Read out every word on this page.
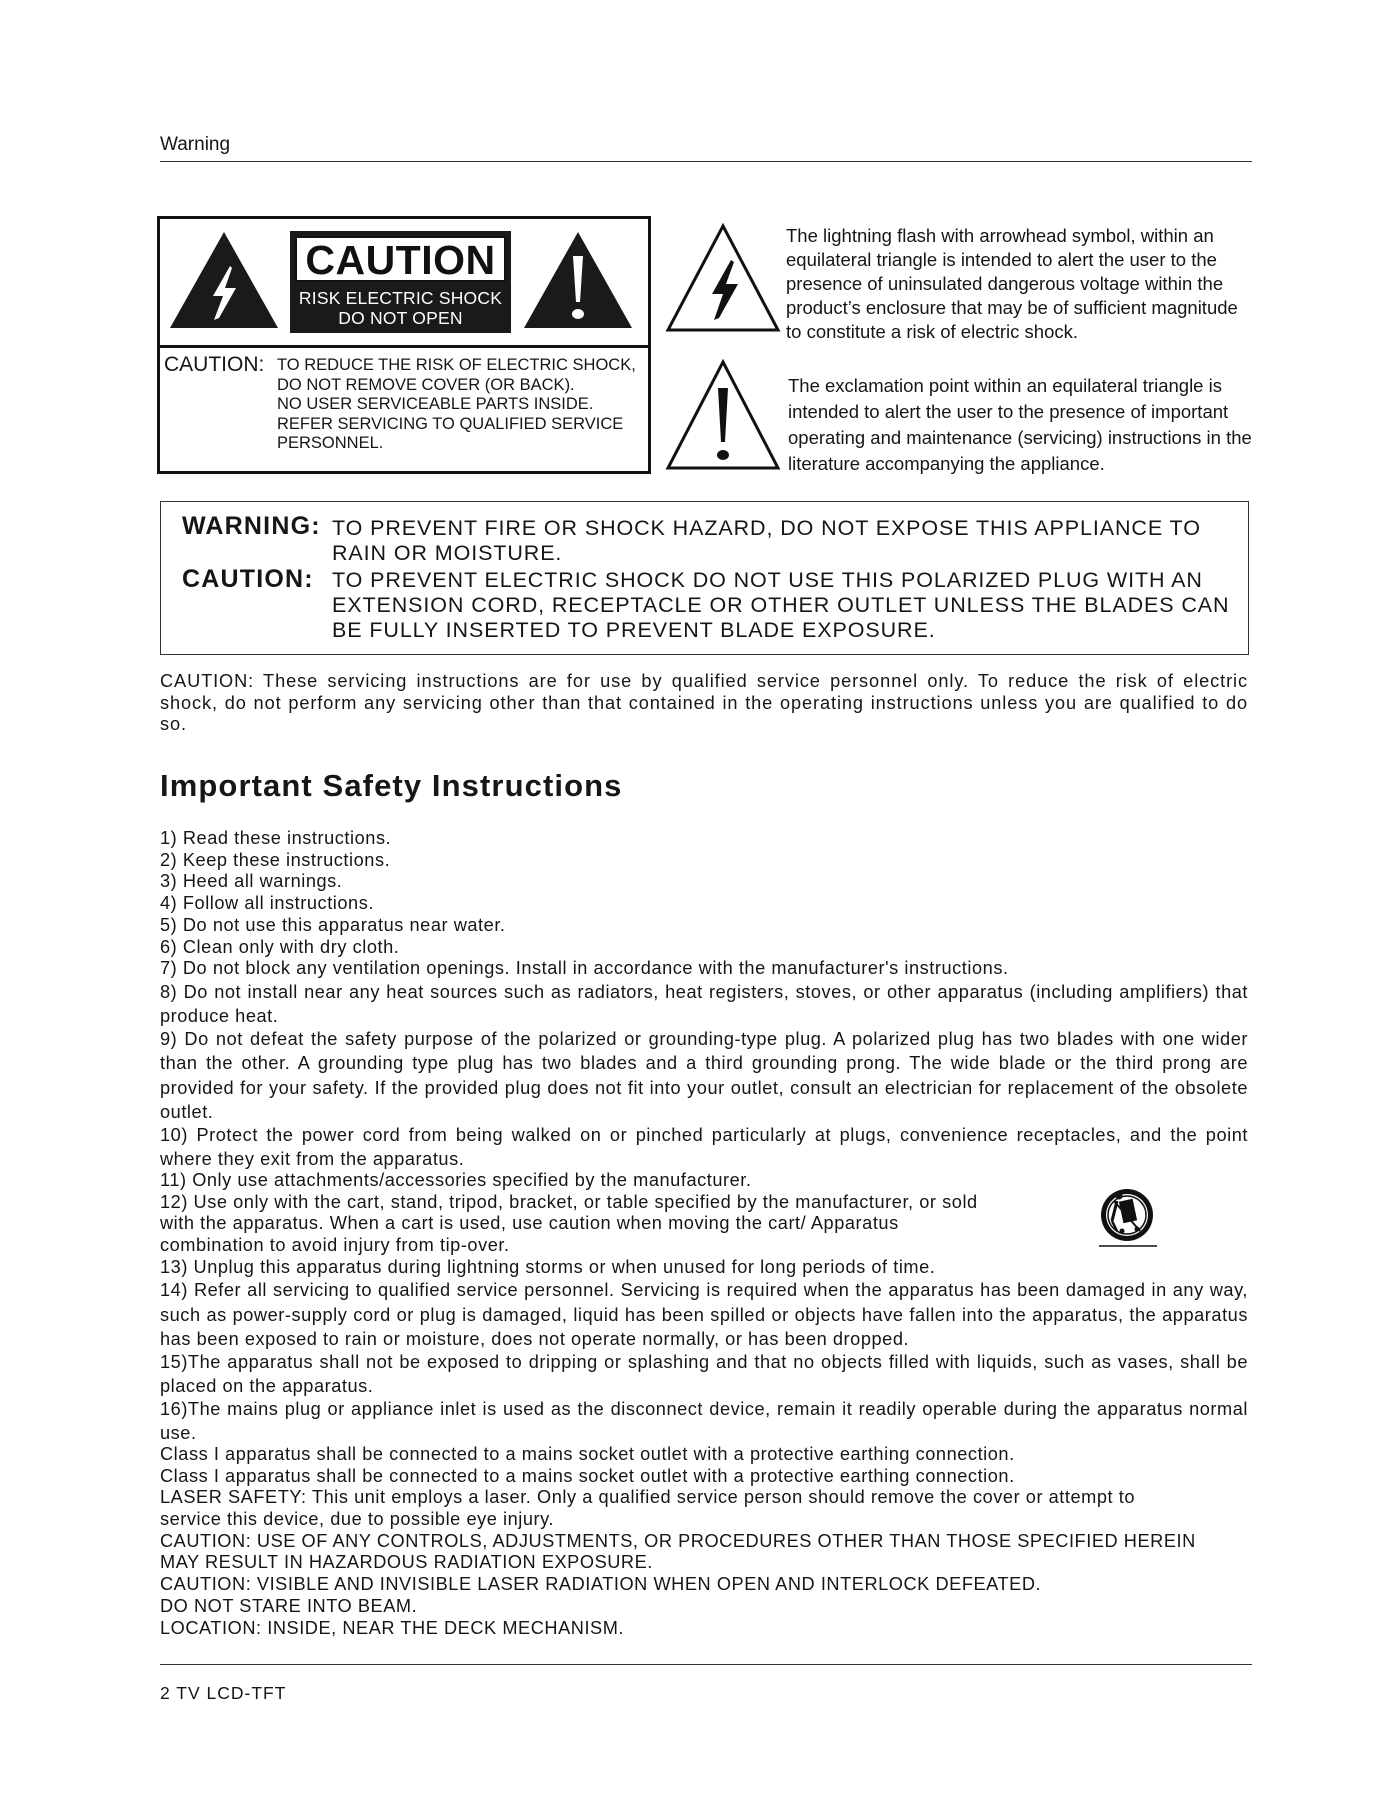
Warning
CAUTION
RISK ELECTRIC SHOCK
DO NOT OPEN
CAUTION: TO REDUCE THE RISK OF ELECTRIC SHOCK,
DO NOT REMOVE COVER (OR BACK).
NO USER SERVICEABLE PARTS INSIDE.
REFER SERVICING TO QUALIFIED SERVICE
PERSONNEL.
The lightning flash with arrowhead symbol, within an equilateral triangle is intended to alert the user to the presence of uninsulated dangerous voltage within the product’s enclosure that may be of sufficient magnitude to constitute a risk of electric shock.
The exclamation point within an equilateral triangle is intended to alert the user to the presence of important operating and maintenance (servicing) instructions in the literature accompanying the appliance.
WARNING: TO PREVENT FIRE OR SHOCK HAZARD, DO NOT EXPOSE THIS APPLIANCE TO RAIN OR MOISTURE.
CAUTION: TO PREVENT ELECTRIC SHOCK DO NOT USE THIS POLARIZED PLUG WITH AN EXTENSION CORD, RECEPTACLE OR OTHER OUTLET UNLESS THE BLADES CAN BE FULLY INSERTED TO PREVENT BLADE EXPOSURE.
CAUTION: These servicing instructions are for use by qualified service personnel only. To reduce the risk of electric shock, do not perform any servicing other than that contained in the operating instructions unless you are qualified to do so.
Important Safety Instructions
1) Read these instructions.
2) Keep these instructions.
3) Heed all warnings.
4) Follow all instructions.
5) Do not use this apparatus near water.
6) Clean only with dry cloth.
7) Do not block any ventilation openings. Install in accordance with the manufacturer's instructions.
8) Do not install near any heat sources such as radiators, heat registers, stoves, or other apparatus (including amplifiers) that produce heat.
9) Do not defeat the safety purpose of the polarized or grounding-type plug. A polarized plug has two blades with one wider than the other. A grounding type plug has two blades and a third grounding prong. The wide blade or the third prong are provided for your safety. If the provided plug does not fit into your outlet, consult an electrician for replacement of the obsolete outlet.
10) Protect the power cord from being walked on or pinched particularly at plugs, convenience receptacles, and the point where they exit from the apparatus.
11) Only use attachments/accessories specified by the manufacturer.
12) Use only with the cart, stand, tripod, bracket, or table specified by the manufacturer, or sold with the apparatus. When a cart is used, use caution when moving the cart/ Apparatus combination to avoid injury from tip-over.
13) Unplug this apparatus during lightning storms or when unused for long periods of time.
14) Refer all servicing to qualified service personnel. Servicing is required when the apparatus has been damaged in any way, such as power-supply cord or plug is damaged, liquid has been spilled or objects have fallen into the apparatus, the apparatus has been exposed to rain or moisture, does not operate normally, or has been dropped.
15)The apparatus shall not be exposed to dripping or splashing and that no objects filled with liquids, such as vases, shall be placed on the apparatus.
16)The mains plug or appliance inlet is used as the disconnect device, remain it readily operable during the apparatus normal use.
Class I apparatus shall be connected to a mains socket outlet with a protective earthing connection.
Class I apparatus shall be connected to a mains socket outlet with a protective earthing connection.
LASER SAFETY: This unit employs a laser. Only a qualified service person should remove the cover or attempt to service this device, due to possible eye injury.
CAUTION: USE OF ANY CONTROLS, ADJUSTMENTS, OR PROCEDURES OTHER THAN THOSE SPECIFIED HEREIN MAY RESULT IN HAZARDOUS RADIATION EXPOSURE.
CAUTION: VISIBLE AND INVISIBLE LASER RADIATION WHEN OPEN AND INTERLOCK DEFEATED.
DO NOT STARE INTO BEAM.
LOCATION: INSIDE, NEAR THE DECK MECHANISM.
2 TV LCD-TFT
